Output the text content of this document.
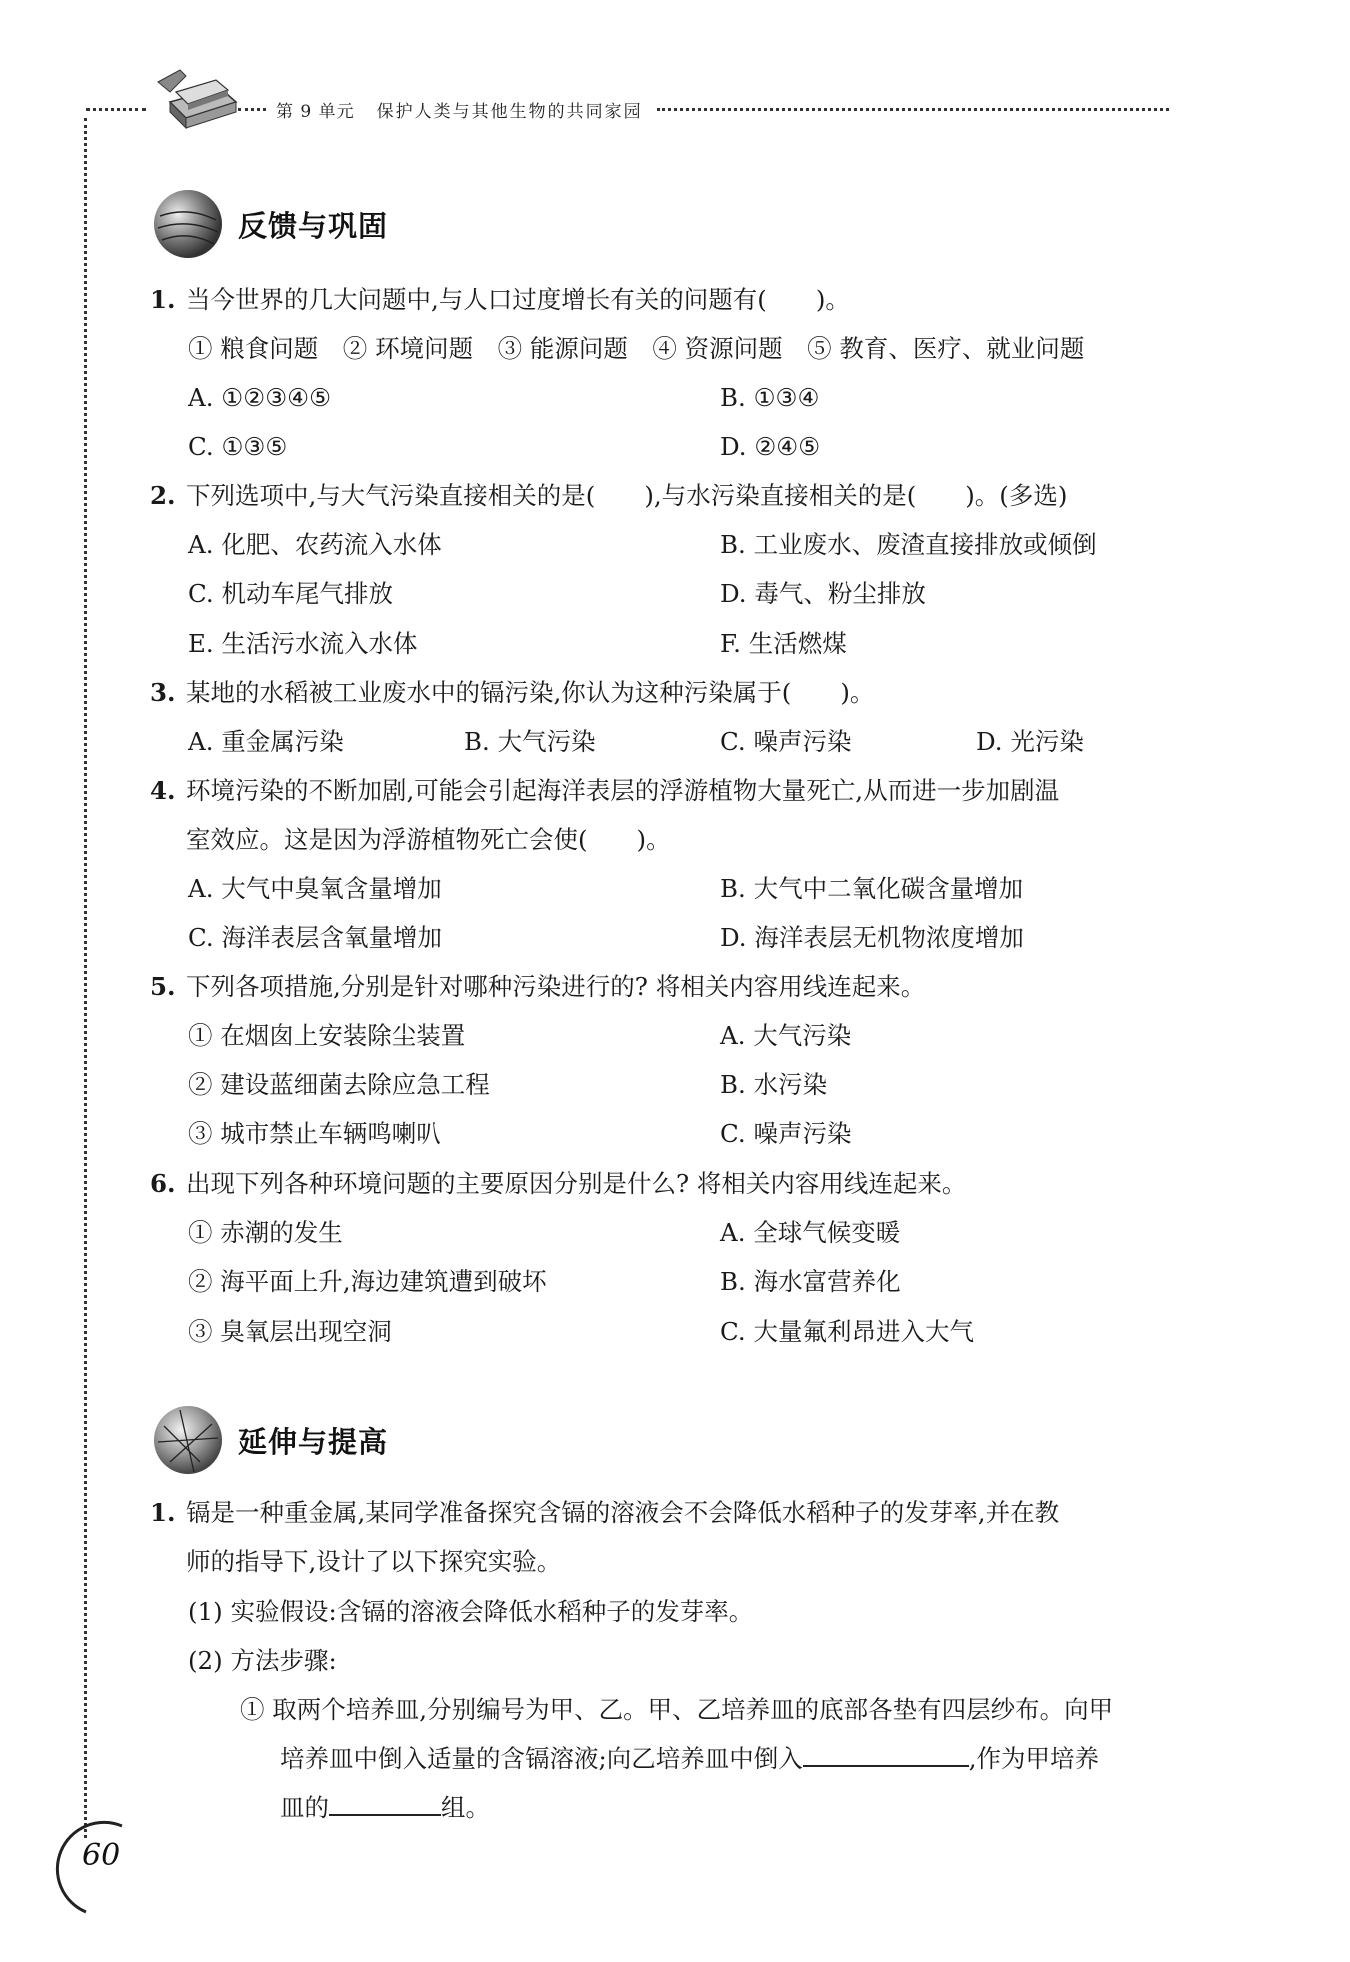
第 9 单元 保护人类与其他生物的共同家园
反馈与巩固
1. 当今世界的几大问题中,与人口过度增长有关的问题有(　　)。
① 粮食问题　② 环境问题　③ 能源问题　④ 资源问题　⑤ 教育、医疗、就业问题
A. ①②③④⑤	B. ①③④
C. ①③⑤	D. ②④⑤
2. 下列选项中,与大气污染直接相关的是(　　),与水污染直接相关的是(　　)。(多选)
A. 化肥、农药流入水体	B. 工业废水、废渣直接排放或倾倒
C. 机动车尾气排放	D. 毒气、粉尘排放
E. 生活污水流入水体	F. 生活燃煤
3. 某地的水稻被工业废水中的镉污染,你认为这种污染属于(　　)。
A. 重金属污染	B. 大气污染	C. 噪声污染	D. 光污染
4. 环境污染的不断加剧,可能会引起海洋表层的浮游植物大量死亡,从而进一步加剧温
室效应。这是因为浮游植物死亡会使(　　)。
A. 大气中臭氧含量增加	B. 大气中二氧化碳含量增加
C. 海洋表层含氧量增加	D. 海洋表层无机物浓度增加
5. 下列各项措施,分别是针对哪种污染进行的? 将相关内容用线连起来。
① 在烟囱上安装除尘装置	A. 大气污染
② 建设蓝细菌去除应急工程	B. 水污染
③ 城市禁止车辆鸣喇叭	C. 噪声污染
6. 出现下列各种环境问题的主要原因分别是什么? 将相关内容用线连起来。
① 赤潮的发生	A. 全球气候变暖
② 海平面上升,海边建筑遭到破坏	B. 海水富营养化
③ 臭氧层出现空洞	C. 大量氟利昂进入大气
延伸与提高
1. 镉是一种重金属,某同学准备探究含镉的溶液会不会降低水稻种子的发芽率,并在教
师的指导下,设计了以下探究实验。
(1) 实验假设:含镉的溶液会降低水稻种子的发芽率。
(2) 方法步骤:
① 取两个培养皿,分别编号为甲、乙。甲、乙培养皿的底部各垫有四层纱布。向甲
培养皿中倒入适量的含镉溶液;向乙培养皿中倒入	,作为甲培养
皿的	组。
60
